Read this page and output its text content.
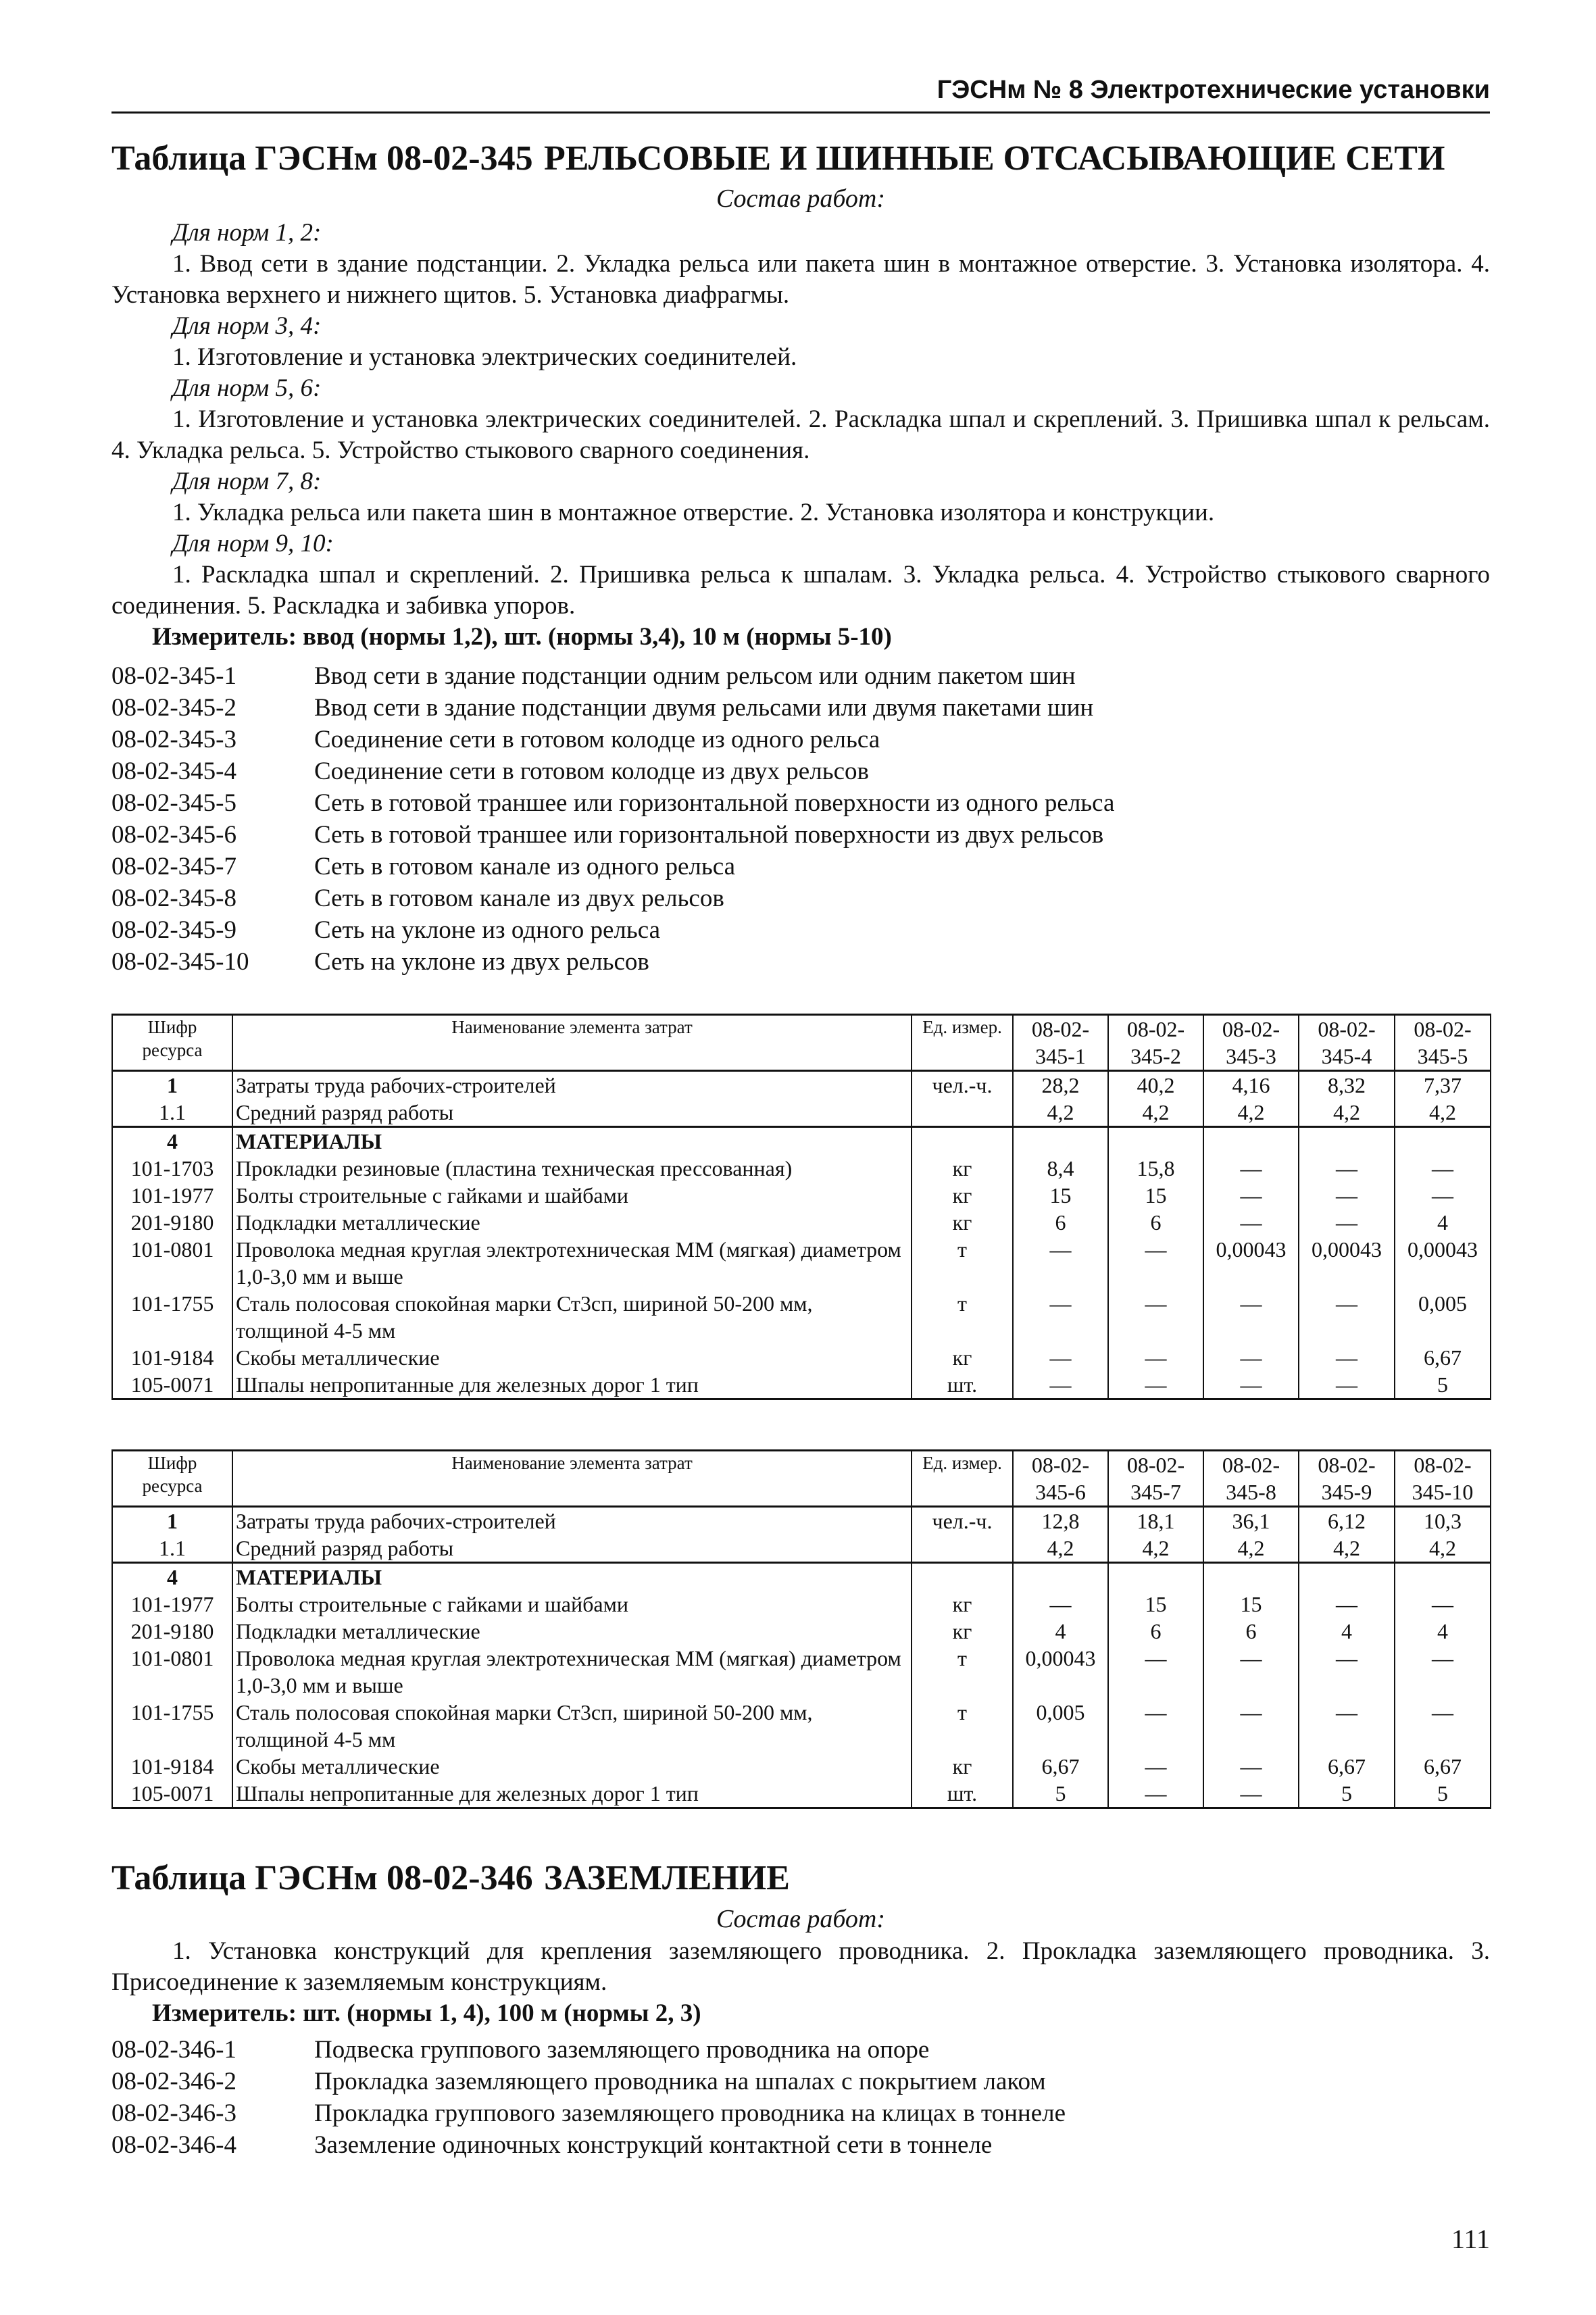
ГЭСНм № 8 Электротехнические установки
Таблица ГЭСНм 08-02-345 РЕЛЬСОВЫЕ И ШИННЫЕ ОТСАСЫВАЮЩИЕ СЕТИ
Состав работ:
Для норм 1, 2:
1. Ввод сети в здание подстанции. 2. Укладка рельса или пакета шин в монтажное отверстие. 3. Установка изолятора. 4. Установка верхнего и нижнего щитов. 5. Установка диафрагмы.
Для норм 3, 4:
1. Изготовление и установка электрических соединителей.
Для норм 5, 6:
1. Изготовление и установка электрических соединителей. 2. Раскладка шпал и скреплений. 3. Пришивка шпал к рельсам. 4. Укладка рельса. 5. Устройство стыкового сварного соединения.
Для норм 7, 8:
1. Укладка рельса или пакета шин в монтажное отверстие. 2. Установка изолятора и конструкции.
Для норм 9, 10:
1. Раскладка шпал и скреплений. 2. Пришивка рельса к шпалам. 3. Укладка рельса. 4. Устройство стыкового сварного соединения. 5. Раскладка и забивка упоров.
Измеритель: ввод (нормы 1,2), шт. (нормы 3,4), 10 м (нормы 5-10)
08-02-345-1	Ввод сети в здание подстанции одним рельсом или одним пакетом шин
08-02-345-2	Ввод сети в здание подстанции двумя рельсами или двумя пакетами шин
08-02-345-3	Соединение сети в готовом колодце из одного рельса
08-02-345-4	Соединение сети в готовом колодце из двух рельсов
08-02-345-5	Сеть в готовой траншее или горизонтальной поверхности из одного рельса
08-02-345-6	Сеть в готовой траншее или горизонтальной поверхности из двух рельсов
08-02-345-7	Сеть в готовом канале из одного рельса
08-02-345-8	Сеть в готовом канале из двух рельсов
08-02-345-9	Сеть на уклоне из одного рельса
08-02-345-10	Сеть на уклоне из двух рельсов
Шифр ресурса	Наименование элемента затрат	Ед. измер.	08-02- 345-1	08-02- 345-2	08-02- 345-3	08-02- 345-4	08-02- 345-5
1	Затраты труда рабочих-строителей	чел.-ч.	28,2	40,2	4,16	8,32	7,37
1.1	Средний разряд работы		4,2	4,2	4,2	4,2	4,2
4	МАТЕРИАЛЫ						
101-1703	Прокладки резиновые (пластина техническая прессованная)	кг	8,4	15,8	—	—	—
101-1977	Болты строительные с гайками и шайбами	кг	15	15	—	—	—
201-9180	Подкладки металлические	кг	6	6	—	—	4
101-0801	Проволока медная круглая электротехническая ММ (мягкая) диаметром 1,0-3,0 мм и выше	т	—	—	0,00043	0,00043	0,00043
101-1755	Сталь полосовая спокойная марки Ст3сп, шириной 50-200 мм, толщиной 4-5 мм	т	—	—	—	—	0,005
101-9184	Скобы металлические	кг	—	—	—	—	6,67
105-0071	Шпалы непропитанные для железных дорог 1 тип	шт.	—	—	—	—	5
Шифр ресурса	Наименование элемента затрат	Ед. измер.	08-02- 345-6	08-02- 345-7	08-02- 345-8	08-02- 345-9	08-02- 345-10
1	Затраты труда рабочих-строителей	чел.-ч.	12,8	18,1	36,1	6,12	10,3
1.1	Средний разряд работы		4,2	4,2	4,2	4,2	4,2
4	МАТЕРИАЛЫ						
101-1977	Болты строительные с гайками и шайбами	кг	—	15	15	—	—
201-9180	Подкладки металлические	кг	4	6	6	4	4
101-0801	Проволока медная круглая электротехническая ММ (мягкая) диаметром 1,0-3,0 мм и выше	т	0,00043	—	—	—	—
101-1755	Сталь полосовая спокойная марки Ст3сп, шириной 50-200 мм, толщиной 4-5 мм	т	0,005	—	—	—	—
101-9184	Скобы металлические	кг	6,67	—	—	6,67	6,67
105-0071	Шпалы непропитанные для железных дорог 1 тип	шт.	5	—	—	5	5
Таблица ГЭСНм 08-02-346 ЗАЗЕМЛЕНИЕ
Состав работ:
1. Установка конструкций для крепления заземляющего проводника. 2. Прокладка заземляющего проводника. 3. Присоединение к заземляемым конструкциям.
Измеритель: шт. (нормы 1, 4), 100 м (нормы 2, 3)
08-02-346-1	Подвеска группового заземляющего проводника на опоре
08-02-346-2	Прокладка заземляющего проводника на шпалах с покрытием лаком
08-02-346-3	Прокладка группового заземляющего проводника на клицах в тоннеле
08-02-346-4	Заземление одиночных конструкций контактной сети в тоннеле
111
